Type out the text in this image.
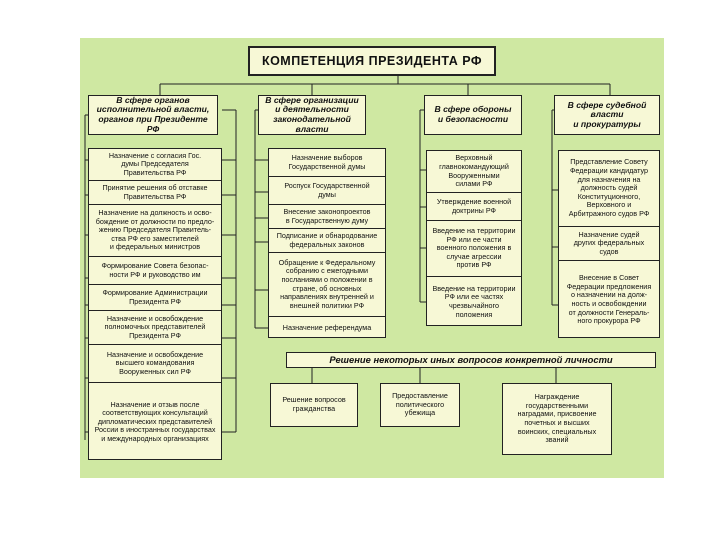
КОМПЕТЕНЦИЯ ПРЕЗИДЕНТА РФ
В сфере органов
исполнительной власти,
органов при Президенте РФ
В сфере организации
и деятельности
законодательной власти
В сфере обороны
и безопасности
В сфере судебной
власти
и прокуратуры
Назначение с согласия Гос.
думы Председателя
Правительства РФ
Принятие решения об отставке
Правительства РФ
Назначение на должность и осво-
бождение от должности по предло-
жению Председателя Правитель-
ства РФ его заместителей
и федеральных министров
Формирование Совета безопас-
ности РФ и руководство им
Формирование Администрации
Президента РФ
Назначение и освобождение
полномочных представителей
Президента РФ
Назначение и освобождение
высшего командования
Вооруженных сил РФ
Назначение и отзыв после
соответствующих консультаций
дипломатических представителей
России в иностранных государствах
и международных организациях
Назначение выборов
Государственной думы
Роспуск Государственной
думы
Внесение законопроектов
в Государственную думу
Подписание и обнародование
федеральных законов
Обращение к Федеральному
собранию с ежегодными
посланиями о положении в
стране, об основных
направлениях внутренней и
внешней политики РФ
Назначение референдума
Верховный
главнокомандующий
Вооруженными
силами РФ
Утверждение военной
доктрины РФ
Введение на территории
РФ или ее части
военного положения в
случае агрессии
против РФ
Введение на территории
РФ или ее частях
чрезвычайного
положения
Представление Совету
Федерации кандидатур
для назначения на
должность судей
Конституционного,
Верховного и
Арбитражного судов РФ
Назначение судей
других федеральных
судов
Внесение в Совет
Федерации предложения
о назначении на долж-
ность и освобождении
от должности Генераль-
ного прокурора РФ
Решение некоторых иных вопросов конкретной личности
Решение вопросов
гражданства
Предоставление
политического
убежища
Награждение
государственными
наградами, присвоение
почетных и высших
воинских, специальных
званий
